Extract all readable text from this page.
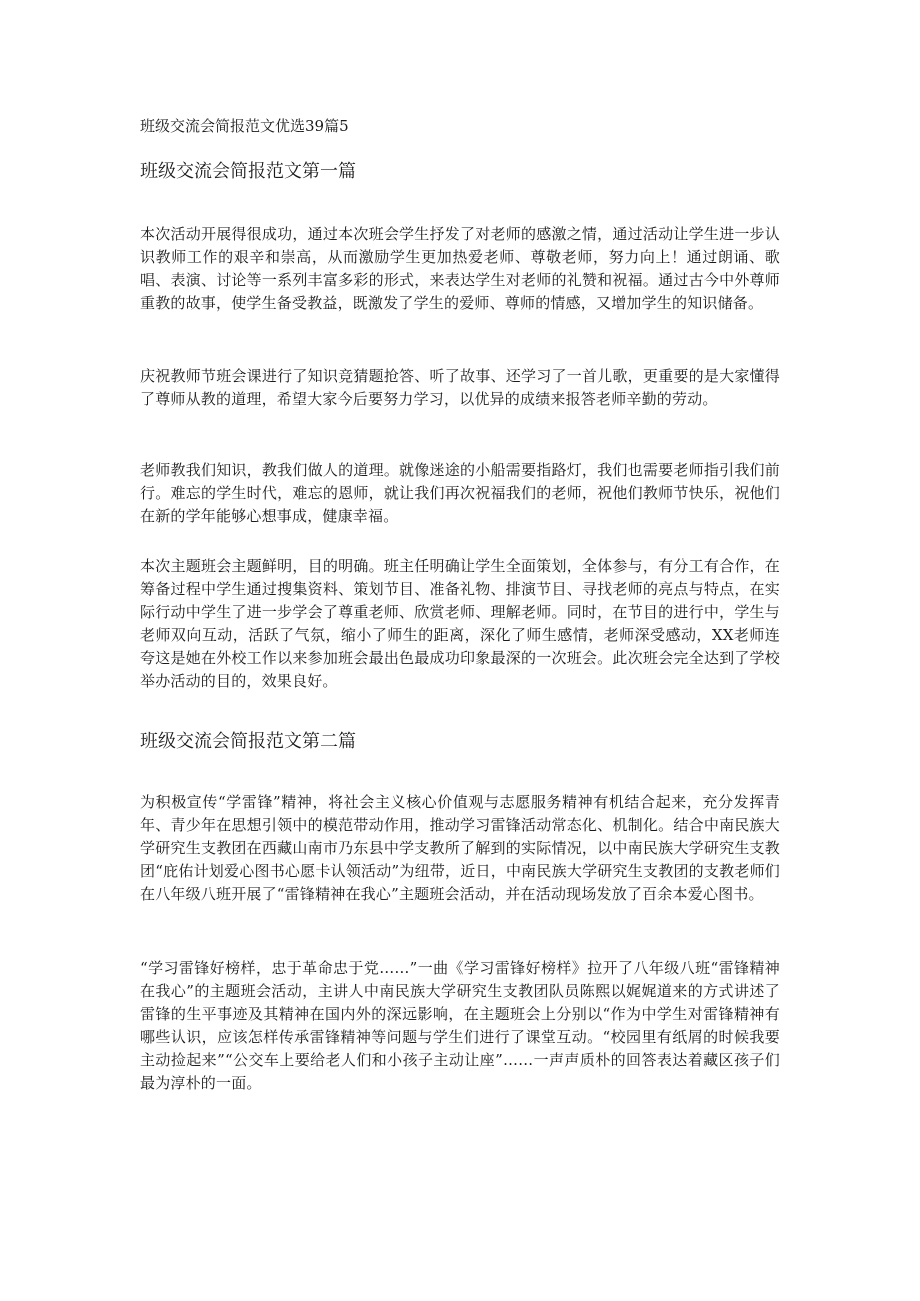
班级交流会简报范文优选39篇5
班级交流会简报范文第一篇

本次活动开展得很成功，通过本次班会学生抒发了对老师的感激之情，通过活动让学生进一步认识教师工作的艰辛和崇高，从而激励学生更加热爱老师、尊敬老师，努力向上！通过朗诵、歌唱、表演、讨论等一系列丰富多彩的形式，来表达学生对老师的礼赞和祝福。通过古今中外尊师重教的故事，使学生备受教益，既激发了学生的爱师、尊师的情感，又增加学生的知识储备。

庆祝教师节班会课进行了知识竞猜题抢答、听了故事、还学习了一首儿歌，更重要的是大家懂得了尊师从教的道理，希望大家今后要努力学习，以优异的成绩来报答老师辛勤的劳动。

老师教我们知识，教我们做人的道理。就像迷途的小船需要指路灯，我们也需要老师指引我们前行。难忘的学生时代，难忘的恩师，就让我们再次祝福我们的老师，祝他们教师节快乐，祝他们在新的学年能够心想事成，健康幸福。

本次主题班会主题鲜明，目的明确。班主任明确让学生全面策划，全体参与，有分工有合作，在筹备过程中学生通过搜集资料、策划节目、准备礼物、排演节目、寻找老师的亮点与特点，在实际行动中学生了进一步学会了尊重老师、欣赏老师、理解老师。同时，在节目的进行中，学生与老师双向互动，活跃了气氛，缩小了师生的距离，深化了师生感情，老师深受感动，XX老师连夸这是她在外校工作以来参加班会最出色最成功印象最深的一次班会。此次班会完全达到了学校举办活动的目的，效果良好。

班级交流会简报范文第二篇

为积极宣传“学雷锋”精神，将社会主义核心价值观与志愿服务精神有机结合起来，充分发挥青年、青少年在思想引领中的模范带动作用，推动学习雷锋活动常态化、机制化。结合中南民族大学研究生支教团在西藏山南市乃东县中学支教所了解到的实际情况，以中南民族大学研究生支教团“庇佑计划爱心图书心愿卡认领活动”为纽带，近日，中南民族大学研究生支教团的支教老师们在八年级八班开展了“雷锋精神在我心”主题班会活动，并在活动现场发放了百余本爱心图书。

“学习雷锋好榜样，忠于革命忠于党……”一曲《学习雷锋好榜样》拉开了八年级八班“雷锋精神在我心”的主题班会活动，主讲人中南民族大学研究生支教团队员陈熙以娓娓道来的方式讲述了雷锋的生平事迹及其精神在国内外的深远影响，在主题班会上分别以“作为中学生对雷锋精神有哪些认识，应该怎样传承雷锋精神等问题与学生们进行了课堂互动。“校园里有纸屑的时候我要主动捡起来”“公交车上要给老人们和小孩子主动让座”……一声声质朴的回答表达着藏区孩子们最为淳朴的一面。
